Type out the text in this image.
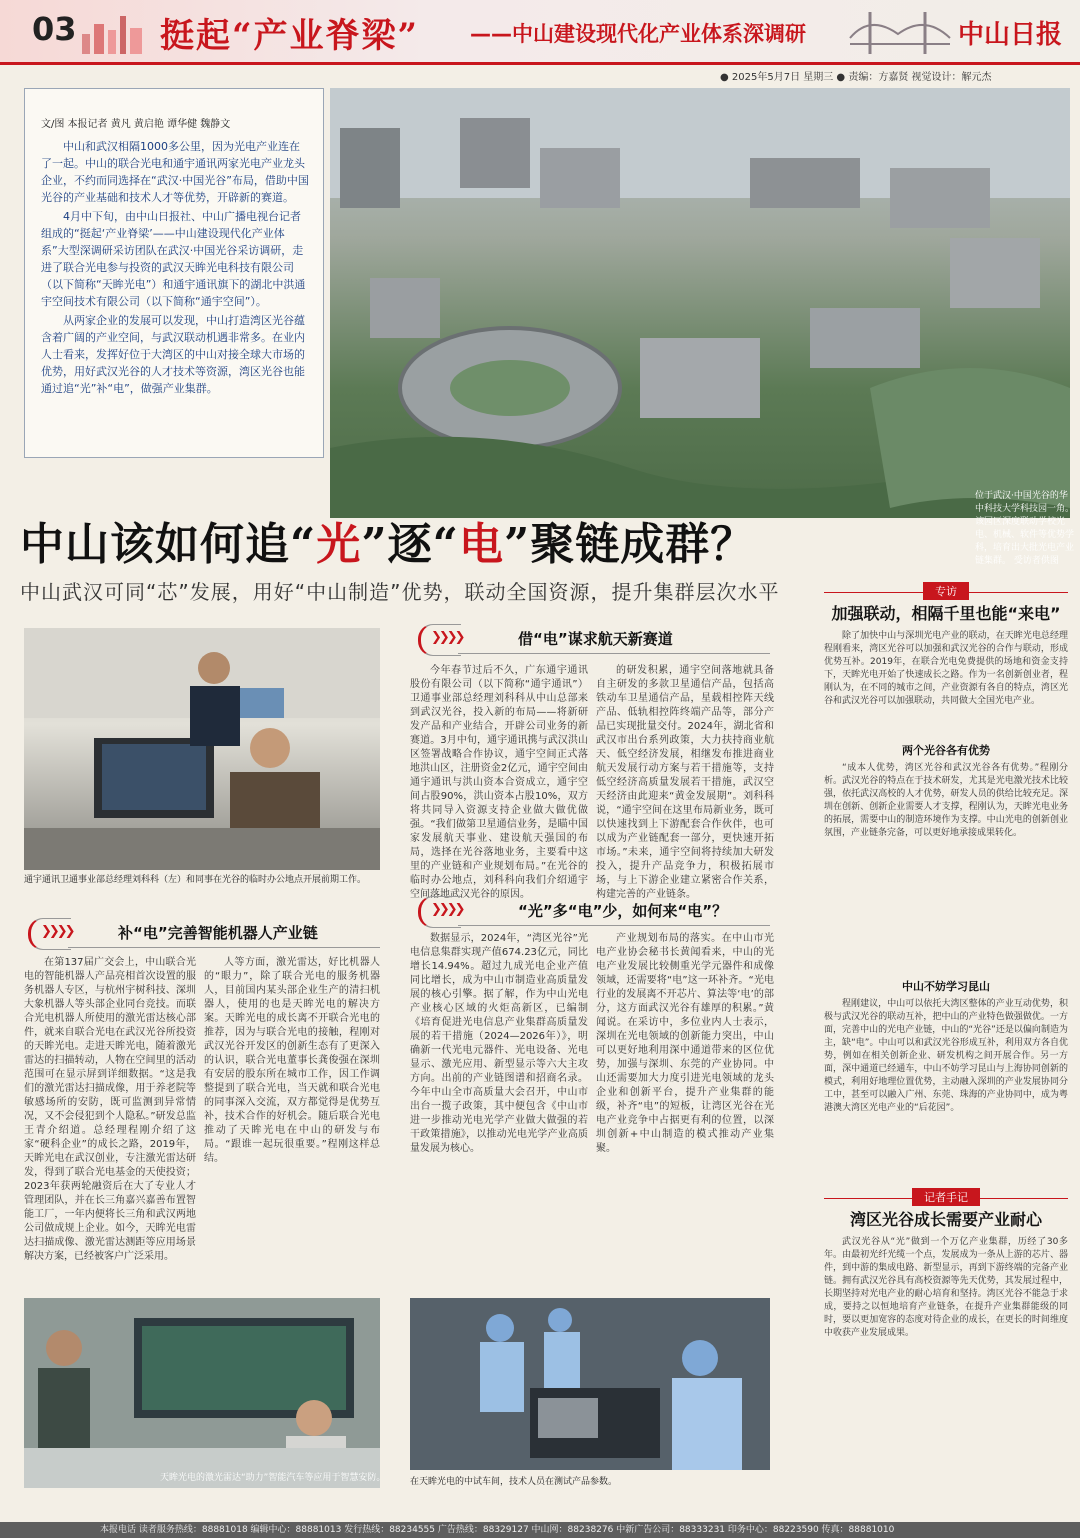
03 挺起“产业脊梁” ——中山建设现代化产业体系深调研	中山日报
● 2025年5月7日 星期三 ● 责编：方嘉贤 视觉设计：解元杰
位于武汉·中国光谷的华中科技大学科技园一角。该园区深度联动学校光电、机械、软件等优势学科，培育出大批光电产业链集群。 受访者供图
文/图 本报记者 黄凡 黄启艳 谭华健 魏静文

中山和武汉相隔1000多公里，因为光电产业连在了一起。中山的联合光电和通宇通讯两家光电产业龙头企业，不约而同选择在“武汉·中国光谷”布局，借助中国光谷的产业基础和技术人才等优势，开辟新的赛道。

4月中下旬，由中山日报社、中山广播电视台记者组成的“挺起‘产业脊梁’——中山建设现代化产业体系”大型深调研采访团队在武汉·中国光谷采访调研，走进了联合光电参与投资的武汉天眸光电科技有限公司（以下简称“天眸光电”）和通宇通讯旗下的湖北中洪通宇空间技术有限公司（以下简称“通宇空间”）。

从两家企业的发展可以发现，中山打造湾区光谷蕴含着广阔的产业空间，与武汉联动机遇非常多。在业内人士看来，发挥好位于大湾区的中山对接全球大市场的优势，用好武汉光谷的人才技术等资源，湾区光谷也能通过追“光”补“电”，做强产业集群。

中山该如何追“光”逐“电”聚链成群？
中山武汉可同“芯”发展，用好“中山制造”优势，联动全国资源，提升集群层次水平
通宇通讯卫通事业部总经理刘科科（左）和同事在光谷的临时办公地点开展前期工作。
❯❯❯❯	借“电”谋求航天新赛道

今年春节过后不久，广东通宇通讯股份有限公司（以下简称“通宇通讯”）卫通事业部总经理刘科科从中山总部来到武汉光谷，投入新的布局——将新研发产品和产业结合，开辟公司业务的新赛道。3月中旬，通宇通讯携与武汉洪山区签署战略合作协议，通宇空间正式落地洪山区，注册资金2亿元，通宇空间由通宇通讯与洪山资本合资成立，通宇空间占股90%，洪山资本占股10%，双方将共同导入资源支持企业做大做优做强。“我们做第卫星通信业务，是瞄中国家发展航天事业、建设航天强国的布局，选择在光谷落地业务，主要看中这里的产业链和产业规划布局。”在光谷的临时办公地点，刘科科向我们介绍通宇空间落地武汉光谷的原因。

的研发积累，通宇空间落地就具备自主研发的多款卫星通信产品，包括高铁动车卫星通信产品，星载相控阵天线产品、低轨相控阵终端产品等，部分产品已实现批量交付。2024年，湖北省和武汉市出台系列政策，大力扶持商业航天、低空经济发展，相继发布推进商业航天发展行动方案与若干措施等，支持低空经济高质量发展若干措施，武汉空天经济由此迎来“黄金发展期”。刘科科说，“通宇空间在这里布局新业务，既可以快速找到上下游配套合作伙伴，也可以成为产业链配套一部分，更快速开拓市场。”未来，通宇空间将持续加大研发投入，提升产品竞争力，积极拓展市场，与上下游企业建立紧密合作关系，构建完善的产业链条。

❯❯❯❯	补“电”完善智能机器人产业链

在第137届广交会上，中山联合光电的智能机器人产品亮相首次设置的服务机器人专区，与杭州宇树科技、深圳大象机器人等头部企业同台竞技。而联合光电机器人所使用的激光雷达核心部件，就来自联合光电在武汉光谷所投资的天眸光电。走进天眸光电，随着激光雷达的扫描转动，人物在空间里的活动范围可在显示屏到详细数据。“这是我们的激光雷达扫描成像，用于养老院等敏感场所的安防，既可监测到异常情况，又不会侵犯到个人隐私。”研发总监王青介绍道。总经理程刚介绍了这家“硬科企业”的成长之路，2019年，天眸光电在武汉创业，专注激光雷达研发，得到了联合光电基金的天使投资；2023年获两轮融资后在大了专业人才管理团队，并在长三角嘉兴嘉善布置智能工厂，一年内便将长三角和武汉两地公司做成规上企业。如今，天眸光电雷达扫描成像、激光雷达测距等应用场景解决方案，已经被客户广泛采用。

人等方面，激光雷达，好比机器人的“眼力”，除了联合光电的服务机器人，目前国内某头部企业生产的清扫机器人，使用的也是天眸光电的解决方案。天眸光电的成长离不开联合光电的推荐，因为与联合光电的接触，程刚对武汉光谷开发区的创新生态有了更深入的认识，联合光电董事长龚俊强在深圳有安居的股东所在城市工作，因工作调整提到了联合光电，当天就和联合光电的同事深入交流，双方都觉得是优势互补，技术合作的好机会。随后联合光电推动了天眸光电在中山的研发与布局。“跟谁一起玩很重要。”程刚这样总结。

❯❯❯❯	“光”多“电”少，如何来“电”？

数据显示，2024年，“湾区光谷”光电信息集群实现产值674.23亿元，同比增长14.94%。超过九成光电企业产值同比增长，成为中山市制造业高质量发展的核心引擎。据了解，作为中山光电产业核心区域的火炬高新区，已编制《培育促进光电信息产业集群高质量发展的若干措施（2024—2026年）》，明确新一代光电元器件、光电设备、光电显示、激光应用、新型显示等六大主攻方向。出前的产业链图谱和招商名录。今年中山全市高质量大会召开，中山市出台一揽子政策，其中便包含《中山市进一步推动光电光学产业做大做强的若干政策措施》，以推动光电光学产业高质量发展为核心。

产业规划布局的落实。在中山市光电产业协会秘书长黄闻看来，中山的光电产业发展比较侧重光学元器件和成像领域，还需要将“电”这一环补齐。“光电行业的发展离不开芯片、算法等‘电’的部分，这方面武汉光谷有雄厚的积累。”黄闻说。在采访中，多位业内人士表示，深圳在光电领域的创新能力突出，中山可以更好地利用深中通道带来的区位优势，加强与深圳、东莞的产业协同。中山还需要加大力度引进光电领域的龙头企业和创新平台，提升产业集群的能级，补齐“电”的短板，让湾区光谷在光电产业竞争中占据更有利的位置，以深圳创新+中山制造的模式推动产业集聚。

天眸光电的激光雷达“助力”智能汽车等应用于智慧安防。	在天眸光电的中试车间，技术人员在测试产品参数。
专访
加强联动，相隔千里也能“来电”

除了加快中山与深圳光电产业的联动，在天眸光电总经理程刚看来，湾区光谷可以加强和武汉光谷的合作与联动，形成优势互补。2019年，在联合光电免费提供的场地和资金支持下，天眸光电开始了快速成长之路。作为一名创新创业者，程刚认为，在不同的城市之间，产业资源有各自的特点，湾区光谷和武汉光谷可以加强联动，共同做大全国光电产业。

两个光谷各有优势

“成本人优势，湾区光谷和武汉光谷各有优势。”程刚分析。武汉光谷的特点在于技术研发，尤其是光电激光技术比较强，依托武汉高校的人才优势，研发人员的供给比较充足。深圳在创新、创新企业需要人才支撑，程刚认为，天眸光电业务的拓展，需要中山的制造环境作为支撑。中山光电的创新创业氛围，产业链条完备，可以更好地承接成果转化。

中山不妨学习昆山

程刚建议，中山可以依托大湾区整体的产业互动优势，积极与武汉光谷的联动互补，把中山的产业特色做强做优。一方面，完善中山的光电产业链，中山的“光谷”还是以偏向制造为主，缺“电”。中山可以和武汉光谷形成互补，利用双方各自优势，例如在相关创新企业、研发机构之间开展合作。另一方面，深中通道已经通车，中山不妨学习昆山与上海协同创新的模式，利用好地理位置优势，主动融入深圳的产业发展协同分工中，甚至可以融入广州、东莞、珠海的产业协同中，成为粤港澳大湾区光电产业的“后花园”。

记者手记
湾区光谷成长需要产业耐心

武汉光谷从“光”做到一个万亿产业集群，历经了30多年。由最初光纤光缆一个点，发展成为一条从上游的芯片、器件，到中游的集成电路、新型显示，再到下游终端的完备产业链。拥有武汉光谷具有高校资源等先天优势，其发展过程中，长期坚持对光电产业的耐心培育和坚持。湾区光谷不能急于求成，要持之以恒地培育产业链条，在提升产业集群能级的同时，要以更加宽容的态度对待企业的成长，在更长的时间维度中收获产业发展成果。

本报电话 读者服务热线：88881018 编辑中心：88881013 发行热线：88234555 广告热线：88329127 中山网：88238276 中新广告公司：88333231 印务中心：88223590 传真：88881010
